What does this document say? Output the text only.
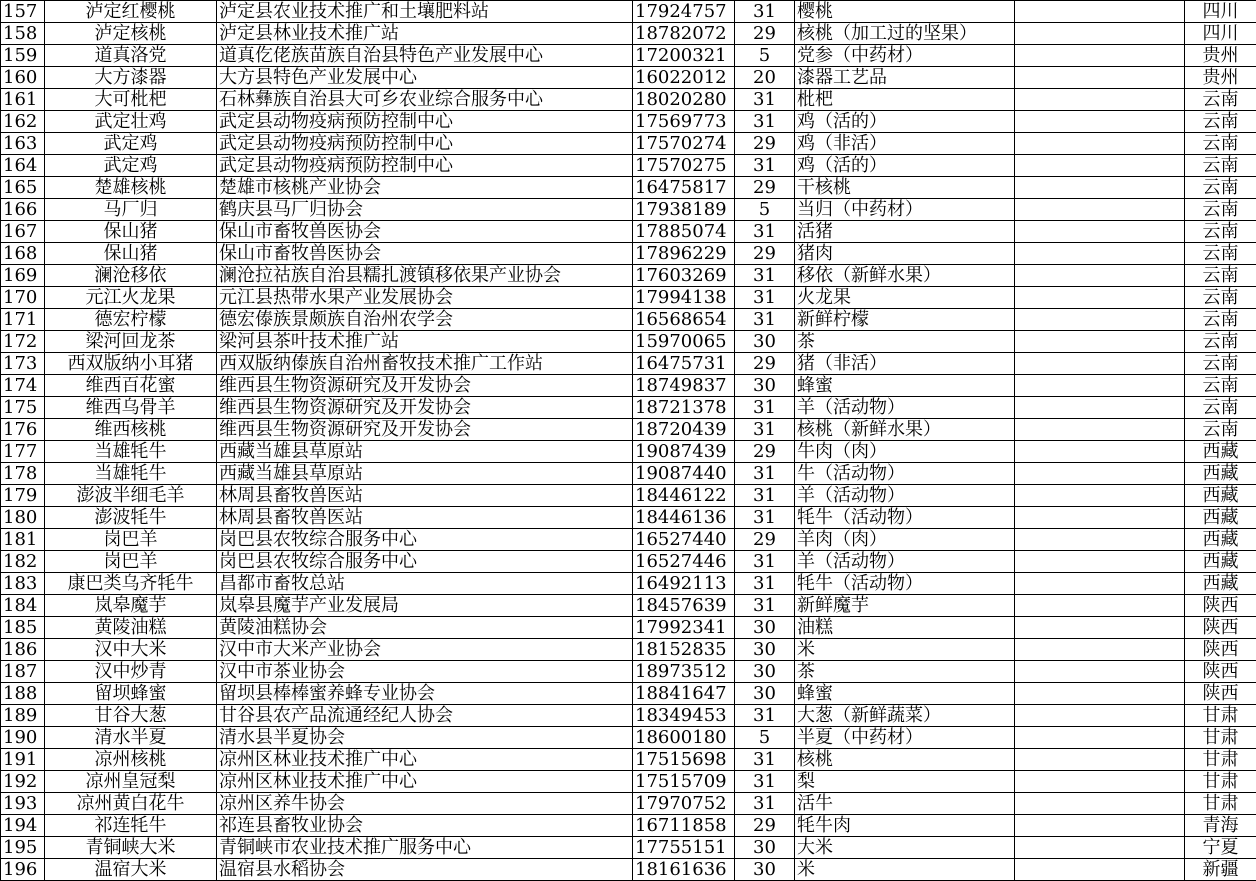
157	泸定红樱桃	泸定县农业技术推广和土壤肥料站	17924757	31	樱桃		四川
158	泸定核桃	泸定县林业技术推广站	18782072	29	核桃（加工过的坚果）		四川
159	道真洛党	道真仡佬族苗族自治县特色产业发展中心	17200321	5	党参（中药材）		贵州
160	大方漆器	大方县特色产业发展中心	16022012	20	漆器工艺品		贵州
161	大可枇杷	石林彝族自治县大可乡农业综合服务中心	18020280	31	枇杷		云南
162	武定壮鸡	武定县动物疫病预防控制中心	17569773	31	鸡（活的）		云南
163	武定鸡	武定县动物疫病预防控制中心	17570274	29	鸡（非活）		云南
164	武定鸡	武定县动物疫病预防控制中心	17570275	31	鸡（活的）		云南
165	楚雄核桃	楚雄市核桃产业协会	16475817	29	干核桃		云南
166	马厂归	鹤庆县马厂归协会	17938189	5	当归（中药材）		云南
167	保山猪	保山市畜牧兽医协会	17885074	31	活猪		云南
168	保山猪	保山市畜牧兽医协会	17896229	29	猪肉		云南
169	澜沧移依	澜沧拉祜族自治县糯扎渡镇移依果产业协会	17603269	31	移依（新鲜水果）		云南
170	元江火龙果	元江县热带水果产业发展协会	17994138	31	火龙果		云南
171	德宏柠檬	德宏傣族景颇族自治州农学会	16568654	31	新鲜柠檬		云南
172	梁河回龙茶	梁河县茶叶技术推广站	15970065	30	茶		云南
173	西双版纳小耳猪	西双版纳傣族自治州畜牧技术推广工作站	16475731	29	猪（非活）		云南
174	维西百花蜜	维西县生物资源研究及开发协会	18749837	30	蜂蜜		云南
175	维西乌骨羊	维西县生物资源研究及开发协会	18721378	31	羊（活动物）		云南
176	维西核桃	维西县生物资源研究及开发协会	18720439	31	核桃（新鲜水果）		云南
177	当雄牦牛	西藏当雄县草原站	19087439	29	牛肉（肉）		西藏
178	当雄牦牛	西藏当雄县草原站	19087440	31	牛（活动物）		西藏
179	澎波半细毛羊	林周县畜牧兽医站	18446122	31	羊（活动物）		西藏
180	澎波牦牛	林周县畜牧兽医站	18446136	31	牦牛（活动物）		西藏
181	岗巴羊	岗巴县农牧综合服务中心	16527440	29	羊肉（肉）		西藏
182	岗巴羊	岗巴县农牧综合服务中心	16527446	31	羊（活动物）		西藏
183	康巴类乌齐牦牛	昌都市畜牧总站	16492113	31	牦牛（活动物）		西藏
184	岚皋魔芋	岚皋县魔芋产业发展局	18457639	31	新鲜魔芋		陕西
185	黄陵油糕	黄陵油糕协会	17992341	30	油糕		陕西
186	汉中大米	汉中市大米产业协会	18152835	30	米		陕西
187	汉中炒青	汉中市茶业协会	18973512	30	茶		陕西
188	留坝蜂蜜	留坝县棒棒蜜养蜂专业协会	18841647	30	蜂蜜		陕西
189	甘谷大葱	甘谷县农产品流通经纪人协会	18349453	31	大葱（新鲜蔬菜）		甘肃
190	清水半夏	清水县半夏协会	18600180	5	半夏（中药材）		甘肃
191	凉州核桃	凉州区林业技术推广中心	17515698	31	核桃		甘肃
192	凉州皇冠梨	凉州区林业技术推广中心	17515709	31	梨		甘肃
193	凉州黄白花牛	凉州区养牛协会	17970752	31	活牛		甘肃
194	祁连牦牛	祁连县畜牧业协会	16711858	29	牦牛肉		青海
195	青铜峡大米	青铜峡市农业技术推广服务中心	17755151	30	大米		宁夏
196	温宿大米	温宿县水稻协会	18161636	30	米		新疆
